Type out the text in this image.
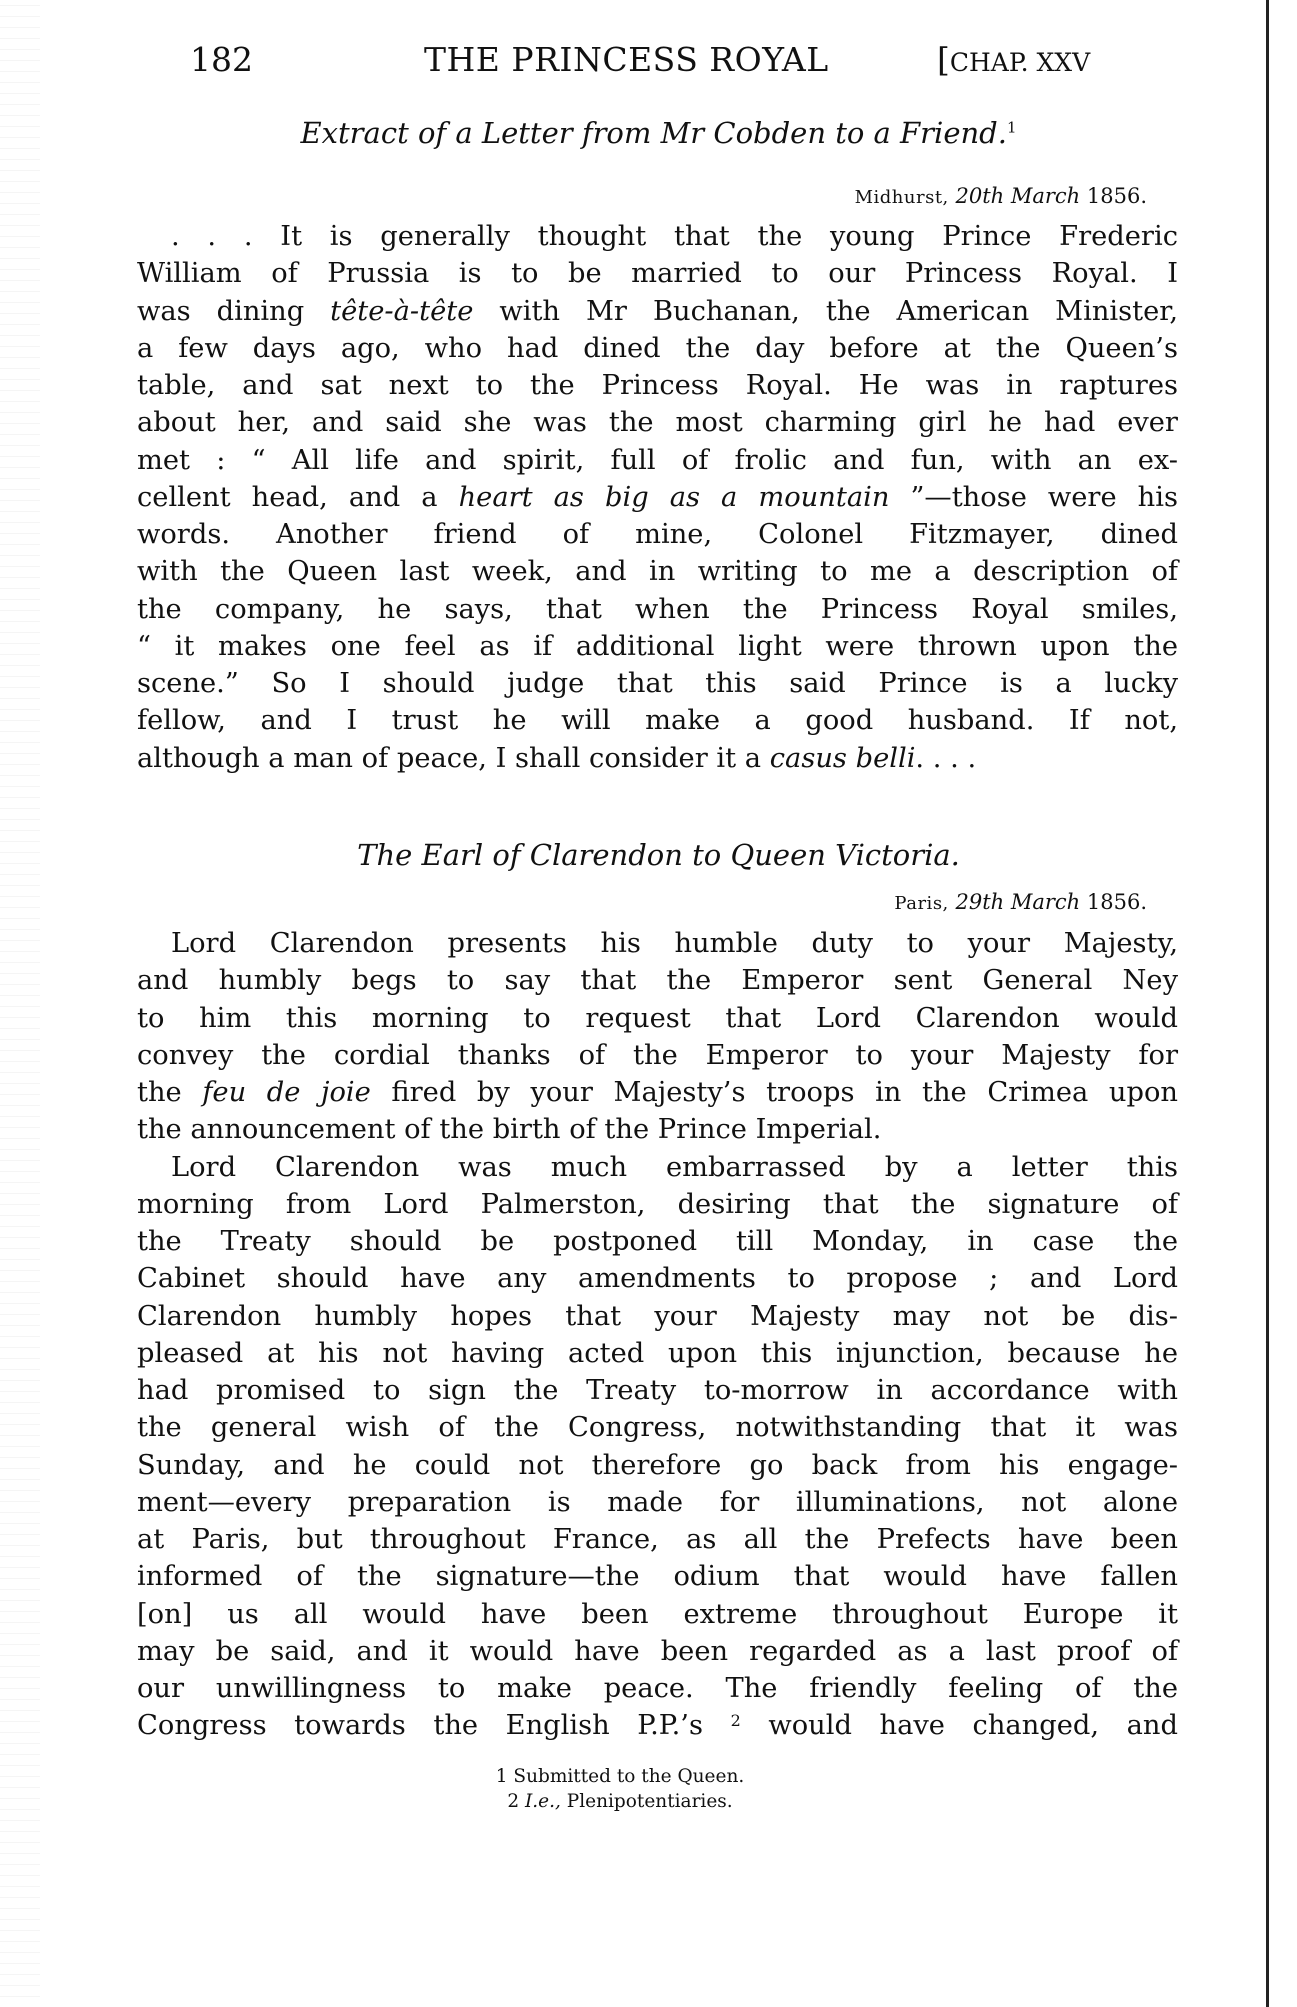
182	THE PRINCESS ROYAL	[CHAP. XXV
Extract of a Letter from Mr Cobden to a Friend.$^1$
Midhurst, 20th March 1856.
. . . It is generally thought that the young Prince Frederic
William of Prussia is to be married to our Princess Royal. I
was dining tête-à-tête with Mr Buchanan, the American Minister,
a few days ago, who had dined the day before at the Queen’s
table, and sat next to the Princess Royal. He was in raptures
about her, and said she was the most charming girl he had ever
met : “ All life and spirit, full of frolic and fun, with an ex-
cellent head, and a heart as big as a mountain ”—those were his
words. Another friend of mine, Colonel Fitzmayer, dined
with the Queen last week, and in writing to me a description of
the company, he says, that when the Princess Royal smiles,
“ it makes one feel as if additional light were thrown upon the
scene.” So I should judge that this said Prince is a lucky
fellow, and I trust he will make a good husband. If not,
although a man of peace, I shall consider it a casus belli. . . .
The Earl of Clarendon to Queen Victoria.
Paris, 29th March 1856.
Lord Clarendon presents his humble duty to your Majesty,
and humbly begs to say that the Emperor sent General Ney
to him this morning to request that Lord Clarendon would
convey the cordial thanks of the Emperor to your Majesty for
the feu de joie fired by your Majesty’s troops in the Crimea upon
the announcement of the birth of the Prince Imperial.
Lord Clarendon was much embarrassed by a letter this
morning from Lord Palmerston, desiring that the signature of
the Treaty should be postponed till Monday, in case the
Cabinet should have any amendments to propose ; and Lord
Clarendon humbly hopes that your Majesty may not be dis-
pleased at his not having acted upon this injunction, because he
had promised to sign the Treaty to-morrow in accordance with
the general wish of the Congress, notwithstanding that it was
Sunday, and he could not therefore go back from his engage-
ment—every preparation is made for illuminations, not alone
at Paris, but throughout France, as all the Prefects have been
informed of the signature—the odium that would have fallen
[on] us all would have been extreme throughout Europe it
may be said, and it would have been regarded as a last proof of
our unwillingness to make peace. The friendly feeling of the
Congress towards the English P.P.’s $^2$ would have changed, and
1 Submitted to the Queen.
2 I.e., Plenipotentiaries.
